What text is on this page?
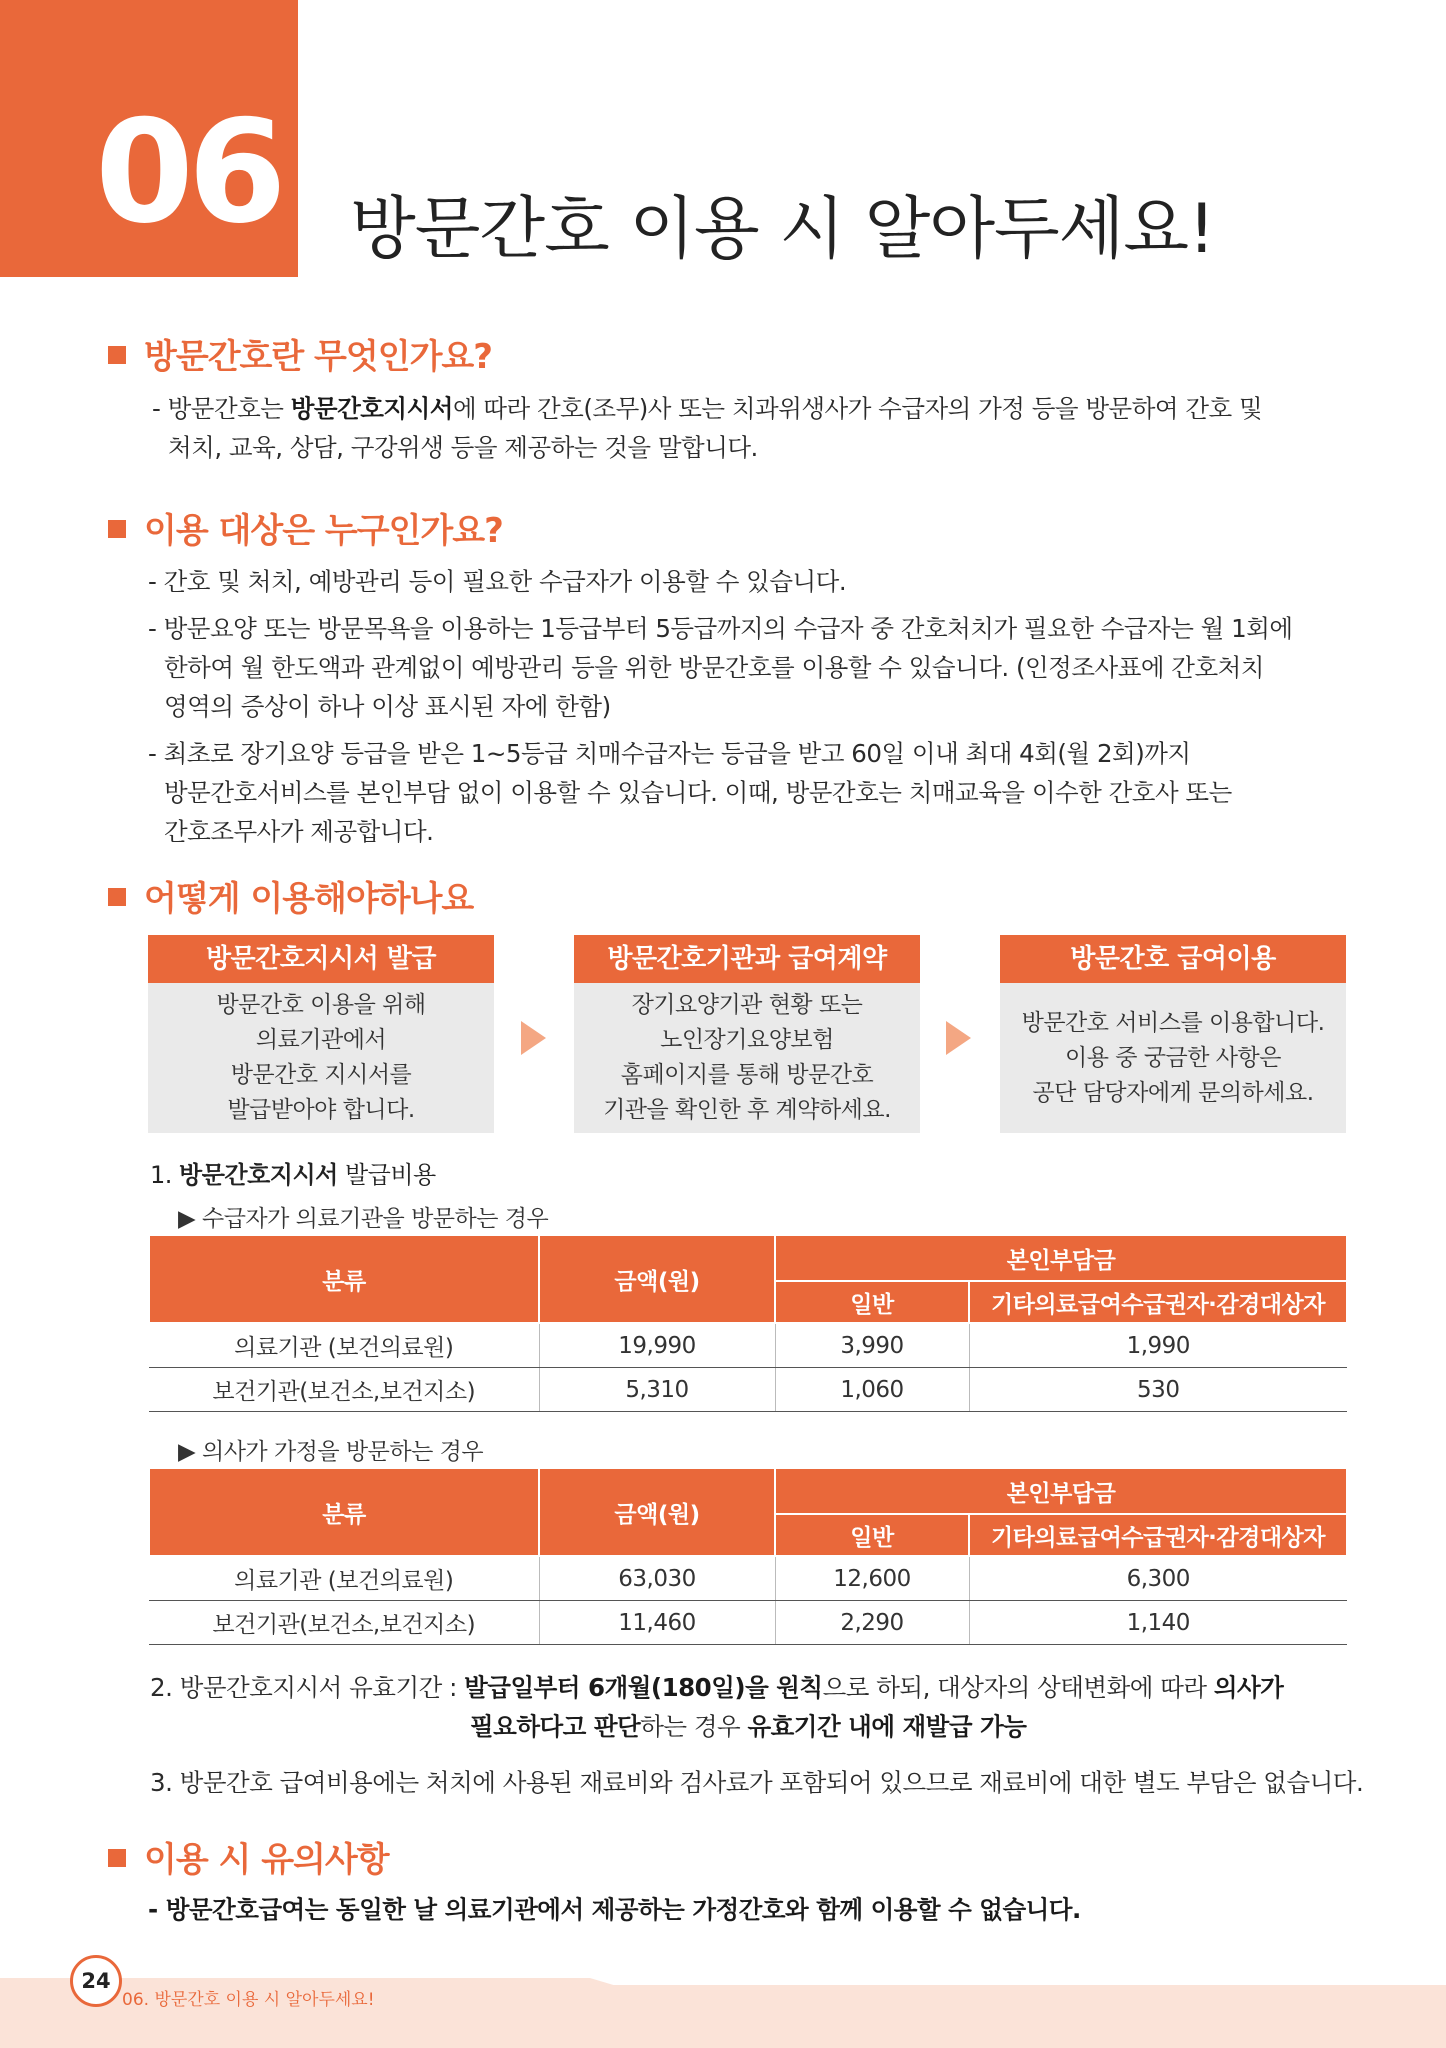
06 방문간호 이용 시 알아두세요!
방문간호란 무엇인가요?
- 방문간호는 방문간호지시서에 따라 간호(조무)사 또는 치과위생사가 수급자의 가정 등을 방문하여 간호 및
처치, 교육, 상담, 구강위생 등을 제공하는 것을 말합니다.
이용 대상은 누구인가요?
- 간호 및 처치, 예방관리 등이 필요한 수급자가 이용할 수 있습니다.
- 방문요양 또는 방문목욕을 이용하는 1등급부터 5등급까지의 수급자 중 간호처치가 필요한 수급자는 월 1회에
한하여 월 한도액과 관계없이 예방관리 등을 위한 방문간호를 이용할 수 있습니다. (인정조사표에 간호처치
영역의 증상이 하나 이상 표시된 자에 한함)
- 최초로 장기요양 등급을 받은 1~5등급 치매수급자는 등급을 받고 60일 이내 최대 4회(월 2회)까지
방문간호서비스를 본인부담 없이 이용할 수 있습니다. 이때, 방문간호는 치매교육을 이수한 간호사 또는
간호조무사가 제공합니다.
어떻게 이용해야하나요
방문간호지시서 발급
방문간호 이용을 위해
의료기관에서
방문간호 지시서를
발급받아야 합니다.
방문간호기관과 급여계약
장기요양기관 현황 또는
노인장기요양보험
홈페이지를 통해 방문간호
기관을 확인한 후 계약하세요.
방문간호 급여이용
방문간호 서비스를 이용합니다.
이용 중 궁금한 사항은
공단 담당자에게 문의하세요.
1. 방문간호지시서 발급비용
▶ 수급자가 의료기관을 방문하는 경우
분류	금액(원)	본인부담금	
		일반	기타의료급여수급권자·감경대상자
의료기관 (보건의료원)	19,990	3,990	1,990
보건기관(보건소,보건지소)	5,310	1,060	530
▶ 의사가 가정을 방문하는 경우
분류	금액(원)	본인부담금	
		일반	기타의료급여수급권자·감경대상자
의료기관 (보건의료원)	63,030	12,600	6,300
보건기관(보건소,보건지소)	11,460	2,290	1,140
2. 방문간호지시서 유효기간 : 발급일부터 6개월(180일)을 원칙으로 하되, 대상자의 상태변화에 따라 의사가
필요하다고 판단하는 경우 유효기간 내에 재발급 가능
3. 방문간호 급여비용에는 처치에 사용된 재료비와 검사료가 포함되어 있으므로 재료비에 대한 별도 부담은 없습니다.
이용 시 유의사항
- 방문간호급여는 동일한 날 의료기관에서 제공하는 가정간호와 함께 이용할 수 없습니다.
24
06. 방문간호 이용 시 알아두세요!
